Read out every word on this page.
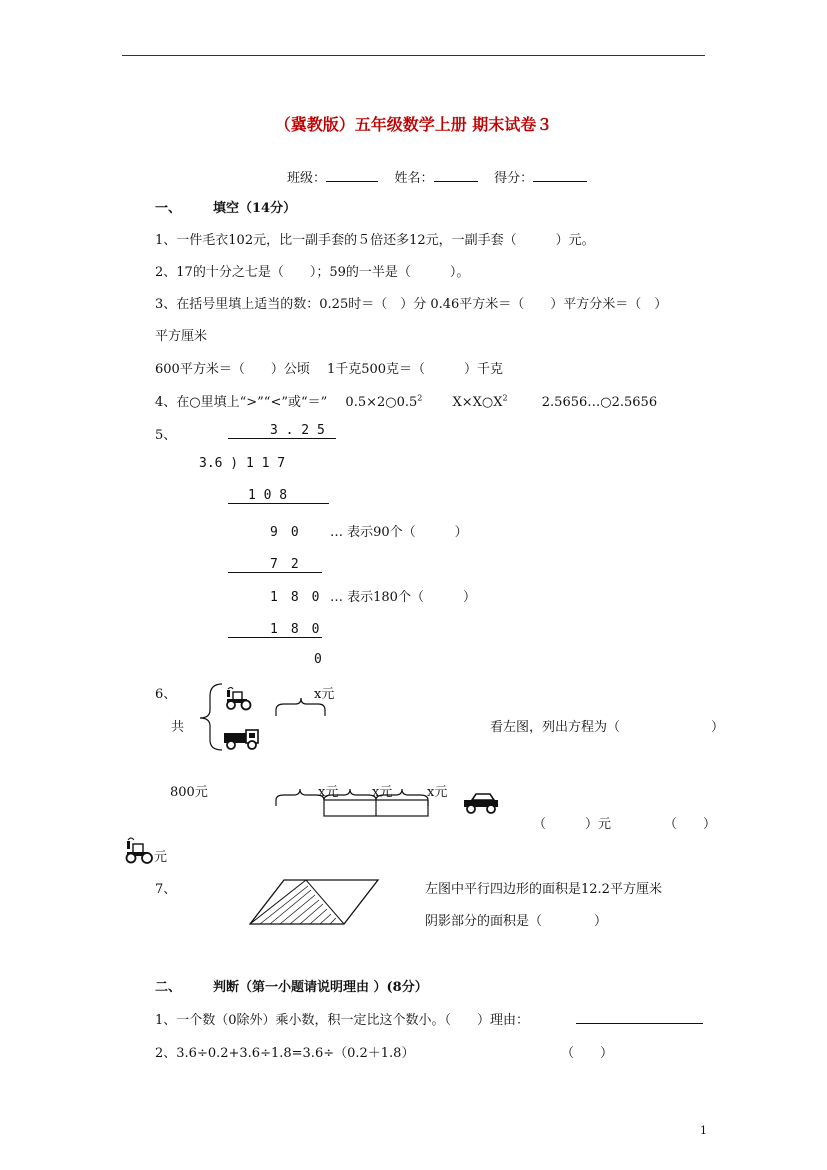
（冀教版）五年级数学上册 期末试卷３
班级：	姓名：	得分：
一、 填空（14分）
1、一件毛衣102元，比一副手套的５倍还多12元，一副手套（　　　）元。
2、17的十分之七是（　　）；59的一半是（　　　）。
3、在括号里填上适当的数：0.25时＝（　）分 0.46平方米＝（　　）平方分米＝（　）
平方厘米
600平方米＝（　　）公顷　 1千克500克＝（　　　）千克
4、在○里填上“>”“<”或“＝” $0.5\times 2○0.5^2$ $X\times X○X^2$	2.5656…○2.5656
5、	3 . 2 5
3.6 ) 1 1 7
1 0 8
9　0 … 表示90个（　　　）
7　2
1　8　0 … 表示180个（　　　）
1　8　0
0
6、
共
x元
看左图，列出方程为（　　　　　　　）
800元	x元	x元	x元
（　　　）元	（　　）
元
7、	左图中平行四边形的面积是12.2平方厘米
阴影部分的面积是（　　　　）
二、 判断（第一小题请说明理由 ）(8分）
1、一个数（0除外）乘小数，积一定比这个数小。（　　）理由：
2、3.6÷0.2+3.6÷1.8=3.6÷（0.2＋1.8）	（　　）
1
